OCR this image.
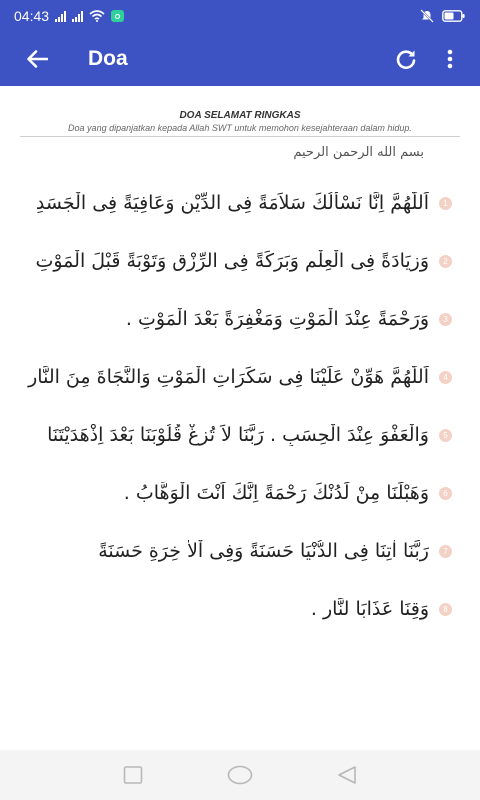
04:43
Doa
DOA SELAMAT RINGKAS
Doa yang dipanjatkan kepada Allah SWT untuk memohon kesejahteraan dalam hidup.
بسم الله الرحمن الرحيم
اَللّٰهُمَّ اِنَّا نَسْأَلُكَ سَلاَمَةً فِى الدِّيْنِ وَعَافِيَةً فِى الْجَسَدِ	1
وَزِيَادَةً فِى الْعِلْمِ وَبَرَكَةً فِى الرِّزْقِ وَتَوْبَةً قَبْلَ الْمَوْتِ	2
وَرَحْمَةً عِنْدَ الْمَوْتِ وَمَغْفِرَةً بَعْدَ الْمَوْتِ .	3
اَللّٰهُمَّ هَوِّنْ عَلَيْنَا فِى سَكَرَاتِ الْمَوْتِ وَالنَّجَاةَ مِنَ النَّارِ	4
وَالْعَفْوَ عِنْدَ الْحِسَبِ . رَبَّنَا لاَ تُزِغْ قُلُوْبَنَا بَعْدَ اِذْهَدَيْتَنَا	5
وَهَبْلَنَا مِنْ لَدُنْكَ رَحْمَةً اِنَّكَ اَنْتَ الْوَهَّابُ .	6
رَبَّنَا اٰتِنَا فِى الدُّنْيَا حَسَنَةً وَفِى اْلاٰ خِرَةِ حَسَنَةً	7
وَقِنَا عَذَابَا لنَّارِ .	8
